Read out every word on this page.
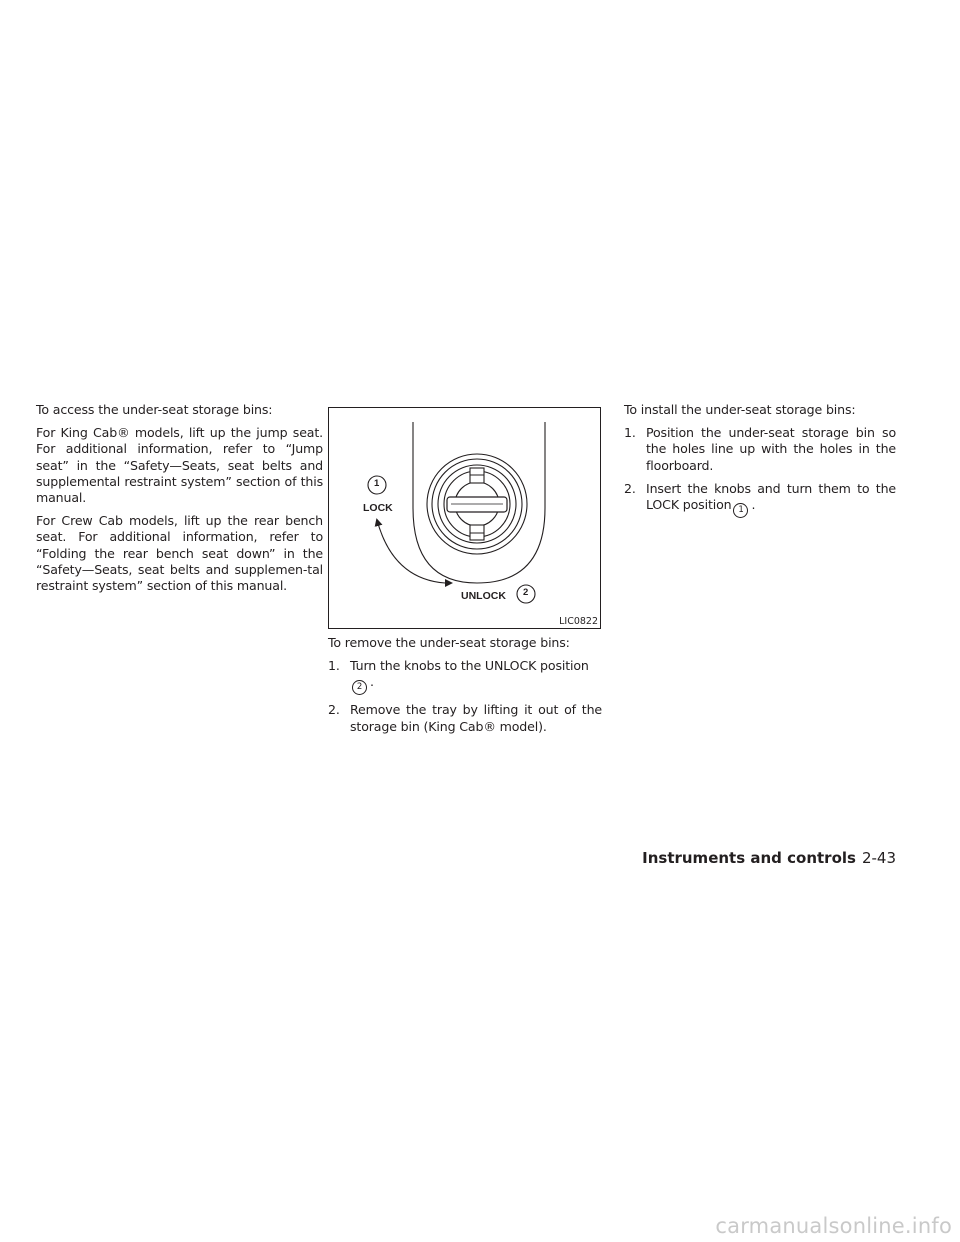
To access the under-seat storage bins:

For King Cab® models, lift up the jump seat. For additional information, refer to “Jump seat” in the “Safety—Seats, seat belts and supplemental restraint system” section of this manual.

For Crew Cab models, lift up the rear bench seat. For additional information, refer to “Folding the rear bench seat down” in the “Safety—Seats, seat belts and supplemen-tal restraint system” section of this manual.

1
2
LOCK
UNLOCK
LIC0822

To remove the under-seat storage bins:

1. Turn the knobs to the UNLOCK position
2 .
2. Remove the tray by lifting it out of the storage bin (King Cab® model).

To install the under-seat storage bins:

1. Position the under-seat storage bin so the holes line up with the holes in the floorboard.
2. Insert the knobs and turn them to the LOCK position 1 .
Instruments and controls 2-43
carmanualsonline.info
